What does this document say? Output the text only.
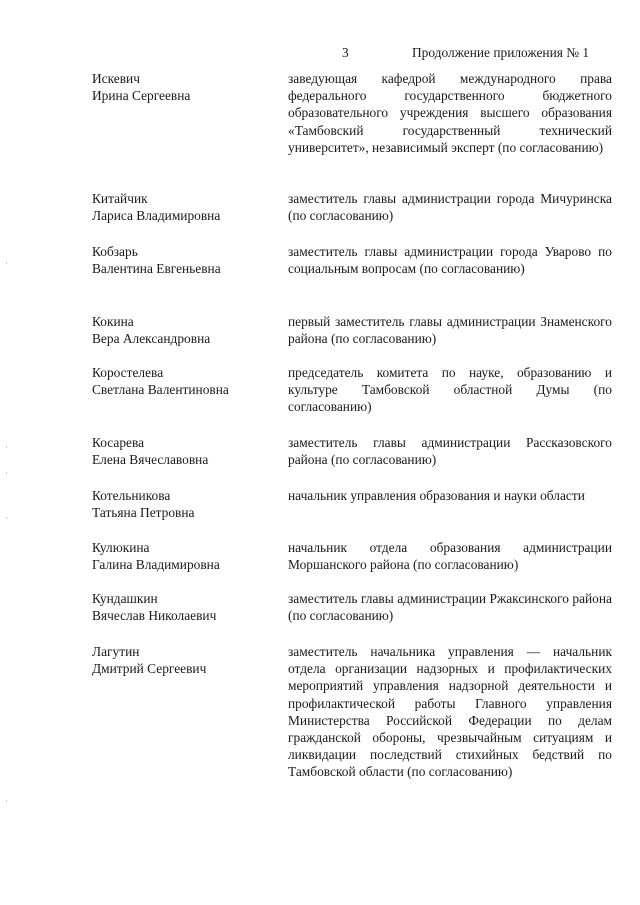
3	Продолжение приложения № 1
Искевич
Ирина Сергеевна
заведующая кафедрой международного права федерального государственного бюджетного образовательного учреждения высшего образования «Тамбовский государственный технический университет», независимый эксперт (по согласованию)
Китайчик
Лариса Владимировна
заместитель главы администрации города Мичуринска (по согласованию)
Кобзарь
Валентина Евгеньевна
заместитель главы администрации города Уварово по социальным вопросам (по согласованию)
Кокина
Вера Александровна
первый заместитель главы администрации Знаменского района (по согласованию)
Коростелева
Светлана Валентиновна
председатель комитета по науке, образованию и культуре Тамбовской областной Думы (по согласованию)
Косарева
Елена Вячеславовна
заместитель главы администрации Рассказовского района (по согласованию)
Котельникова
Татьяна Петровна
начальник управления образования и науки области
Кулюкина
Галина Владимировна
начальник отдела образования администрации Моршанского района (по согласованию)
Кундашкин
Вячеслав Николаевич
заместитель главы администрации Ржаксинского района (по согласованию)
Лагутин
Дмитрий Сергеевич
заместитель начальника управления — начальник отдела организации надзорных и профилактических мероприятий управления надзорной деятельности и профилактической работы Главного управления Министерства Российской Федерации по делам гражданской обороны, чрезвычайным ситуациям и ликвидации последствий стихийных бедствий по Тамбовской области (по согласованию)
